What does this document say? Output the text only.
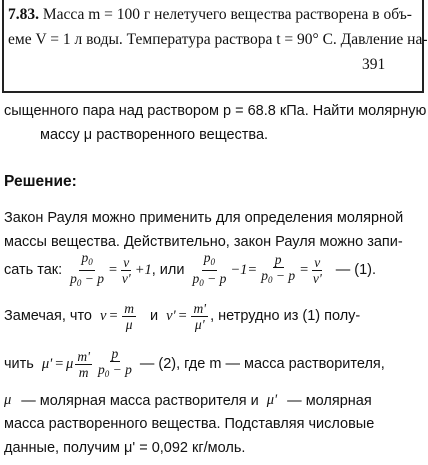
7.83. Масса m = 100 г нелетучего вещества растворена в объ-
еме V = 1 л воды. Температура раствора t = 90° C. Давление на-
391
сыщенного пара над раствором p = 68.8 кПа. Найти молярную
массу μ растворенного вещества.
Решение:
Закон Рауля можно применить для определения молярной
массы вещества. Действительно, закон Рауля можно запи-
сать так: $\frac{p_0}{p_0 - p} = \frac{\nu}{\nu'} +1$ , или $\frac{p_0}{p_0 - p} -1 = \frac{p}{p_0 - p} = \frac{\nu}{\nu'}$ — (1).
Замечая, что $\nu = \frac{m}{\mu}$ и $\nu' = \frac{m'}{\mu'}$ , нетрудно из (1) полу-
чить μ' = μ $\frac{m'}{m} \frac{p}{p_0 - p}$ — (2), где m — масса растворителя,
μ — молярная масса растворителя и μ' — молярная
масса растворенного вещества. Подставляя числовые
данные, получим μ' = 0,092 кг/моль.
